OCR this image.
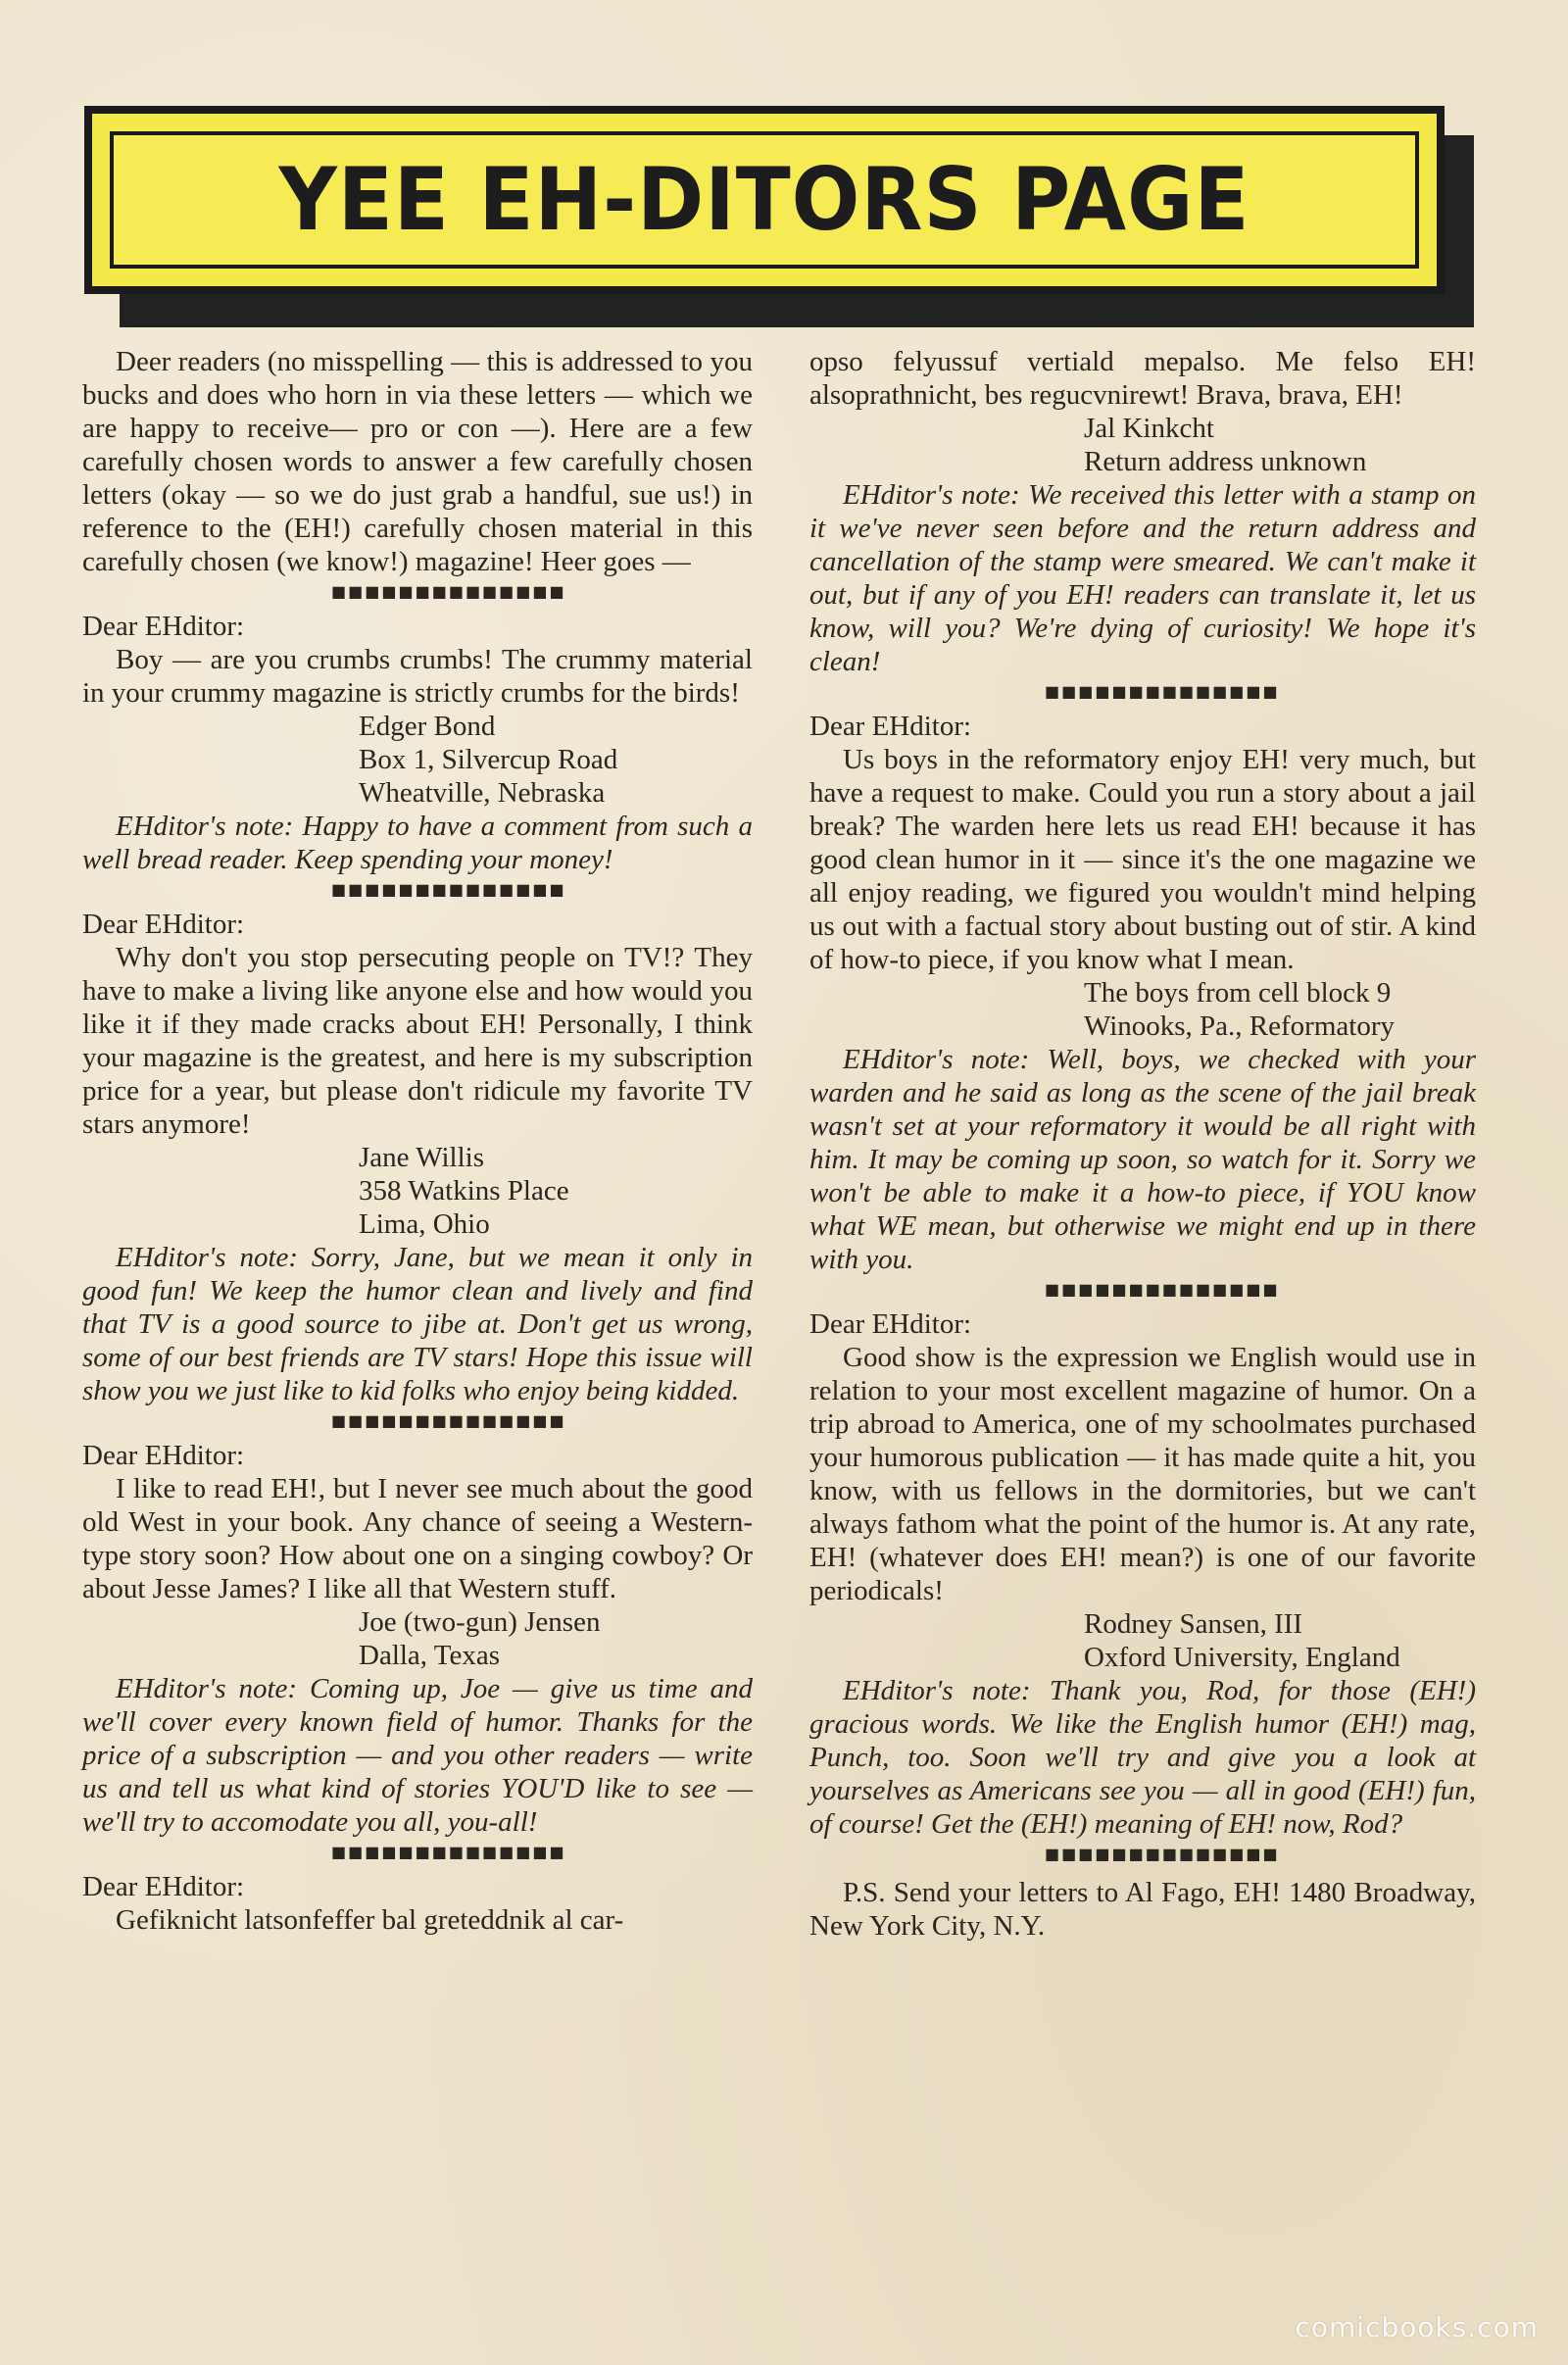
YEE EH-DITORS PAGE

Deer readers (no misspelling — this is addressed to you bucks and does who horn in via these letters — which we are happy to receive— pro or con —). Here are a few carefully chosen words to answer a few carefully chosen letters (okay — so we do just grab a handful, sue us!) in reference to the (EH!) carefully chosen material in this carefully chosen (we know!) magazine! Heer goes —

■■■■■■■■■■■■■■

Dear EHditor:

Boy — are you crumbs crumbs! The crummy material in your crummy magazine is strictly crumbs for the birds!

Edger Bond

Box 1, Silvercup Road

Wheatville, Nebraska

EHditor's note: Happy to have a comment from such a well bread reader. Keep spending your money!

■■■■■■■■■■■■■■

Dear EHditor:

Why don't you stop persecuting people on TV!? They have to make a living like anyone else and how would you like it if they made cracks about EH! Personally, I think your magazine is the greatest, and here is my subscription price for a year, but please don't ridicule my favorite TV stars anymore!

Jane Willis

358 Watkins Place

Lima, Ohio

EHditor's note: Sorry, Jane, but we mean it only in good fun! We keep the humor clean and lively and find that TV is a good source to jibe at. Don't get us wrong, some of our best friends are TV stars! Hope this issue will show you we just like to kid folks who enjoy being kidded.

■■■■■■■■■■■■■■

Dear EHditor:

I like to read EH!, but I never see much about the good old West in your book. Any chance of seeing a Western-type story soon? How about one on a singing cowboy? Or about Jesse James? I like all that Western stuff.

Joe (two-gun) Jensen

Dalla, Texas

EHditor's note: Coming up, Joe — give us time and we'll cover every known field of humor. Thanks for the price of a subscription — and you other readers — write us and tell us what kind of stories YOU'D like to see — we'll try to accomodate you all, you-all!

■■■■■■■■■■■■■■

Dear EHditor:

Gefiknicht latsonfeffer bal greteddnik al car-

opso felyussuf vertiald mepalso. Me felso EH! alsoprathnicht, bes regucvnirewt! Brava, brava, EH!

Jal Kinkcht

Return address unknown

EHditor's note: We received this letter with a stamp on it we've never seen before and the return address and cancellation of the stamp were smeared. We can't make it out, but if any of you EH! readers can translate it, let us know, will you? We're dying of curiosity! We hope it's clean!

■■■■■■■■■■■■■■

Dear EHditor:

Us boys in the reformatory enjoy EH! very much, but have a request to make. Could you run a story about a jail break? The warden here lets us read EH! because it has good clean humor in it — since it's the one magazine we all enjoy reading, we figured you wouldn't mind helping us out with a factual story about busting out of stir. A kind of how-to piece, if you know what I mean.

The boys from cell block 9

Winooks, Pa., Reformatory

EHditor's note: Well, boys, we checked with your warden and he said as long as the scene of the jail break wasn't set at your reformatory it would be all right with him. It may be coming up soon, so watch for it. Sorry we won't be able to make it a how-to piece, if YOU know what WE mean, but otherwise we might end up in there with you.

■■■■■■■■■■■■■■

Dear EHditor:

Good show is the expression we English would use in relation to your most excellent magazine of humor. On a trip abroad to America, one of my schoolmates purchased your humorous publication — it has made quite a hit, you know, with us fellows in the dormitories, but we can't always fathom what the point of the humor is. At any rate, EH! (whatever does EH! mean?) is one of our favorite periodicals!

Rodney Sansen, III

Oxford University, England

EHditor's note: Thank you, Rod, for those (EH!) gracious words. We like the English humor (EH!) mag, Punch, too. Soon we'll try and give you a look at yourselves as Americans see you — all in good (EH!) fun, of course! Get the (EH!) meaning of EH! now, Rod?

■■■■■■■■■■■■■■

P.S. Send your letters to Al Fago, EH! 1480 Broadway, New York City, N.Y.

comicbooks.com
